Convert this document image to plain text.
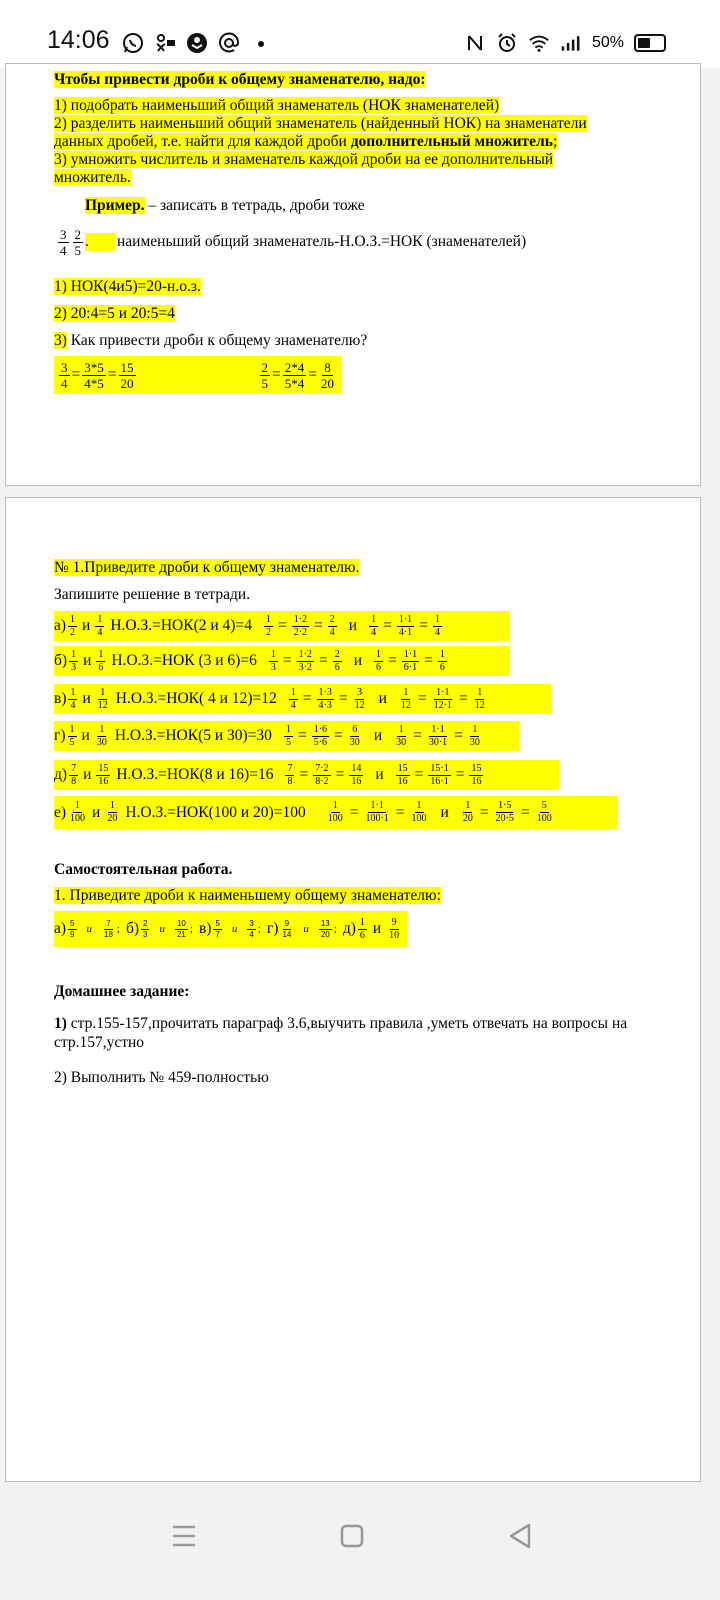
14:06	50%
Чтобы привести дроби к общему знаменателю, надо:
1) подобрать наименьший общий знаменатель (НОК знаменателей)
2) разделить наименьший общий знаменатель (найденный НОК) на знаменатели
данных дробей, т.е. найти для каждой дроби дополнительный множитель;
3) умножить числитель и знаменатель каждой дроби на ее дополнительный
множитель.
Пример. – записать в тетрадь, дроби тоже
$\frac{3}{4} \frac{2}{5}$ .	наименьший общий знаменатель-Н.О.З.=НОК (знаменателей)
1) НОК(4и5)=20-н.о.з.
2) 20:4=5 и 20:5=4
3) Как привести дроби к общему знаменателю?
$\frac{3}{4} = \frac{3*5}{4*5} = \frac{15}{20}$	$\frac{2}{5} = \frac{2*4}{5*4} = \frac{8}{20}$
№ 1.Приведите дроби к общему знаменателю.
Запишите решение в тетради.
$а) \frac{1}{2}$ и $\frac{1}{4} Н.О.З.=НОК(2$ и $4)=4 \frac{1}{2} = \frac{1\cdot 2}{2\cdot 2} = \frac{2}{4}$ и $\frac{1}{4} = \frac{1\cdot 1}{4\cdot 1} = \frac{1}{4}$
$б) \frac{1}{3}$ и $\frac{1}{6} Н.О.З.=НОК$ (3 и $6)=6 \frac{1}{3} = \frac{1\cdot 2}{3\cdot 2} = \frac{2}{6}$ и $\frac{1}{6} = \frac{1\cdot 1}{6\cdot 1} = \frac{1}{6}$
$в) \frac{1}{4}$ и $\frac{1}{12} Н.О.З.=НОК$( 4 и $12)=12 \frac{1}{4} = \frac{1\cdot 3}{4\cdot 3} = \frac{3}{12}$ и $\frac{1}{12} = \frac{1\cdot 1}{12\cdot 1} = \frac{1}{12}$
$г) \frac{1}{5}$ и $\frac{1}{30} Н.О.З.=НОК(5$ и $30)=30 \frac{1}{5} = \frac{1\cdot 6}{5\cdot 6} = \frac{6}{30}$ и $\frac{1}{30} = \frac{1\cdot 1}{30\cdot 1} = \frac{1}{30}$
$д) \frac{7}{8}$ и $\frac{15}{16} Н.О.З.=НОК(8$ и $16)=16 \frac{7}{8} = \frac{7\cdot 2}{8\cdot 2} = \frac{14}{16}$ и $\frac{15}{16} = \frac{15\cdot 1}{16\cdot 1} = \frac{15}{16}$
$е) \frac{1}{100}$ и $\frac{1}{20} Н.О.З.=НОК(100$ и $20)=100 \frac{1}{100} = \frac{1\cdot 1}{100\cdot 1} = \frac{1}{100}$ и $\frac{1}{20} = \frac{1\cdot 5}{20\cdot 5} = \frac{5}{100}$
Самостоятельная работа.
1. Приведите дроби к наименьшему общему знаменателю:
$а) \frac{5}{9}$ и $\frac{7}{18}$ ; $б) \frac{2}{3}$ и $\frac{10}{21}$ ; $в) \frac{5}{7}$ и $\frac{3}{4}$ ; $г) \frac{9}{14}$ и $\frac{13}{20}$ ; $д) \frac{1}{6}$ и $\frac{9}{10}$
Домашнее задание:
1) стр.155-157,прочитать параграф 3.6,выучить правила ,уметь отвечать на вопросы на
стр.157,устно
2) Выполнить № 459-полностью
